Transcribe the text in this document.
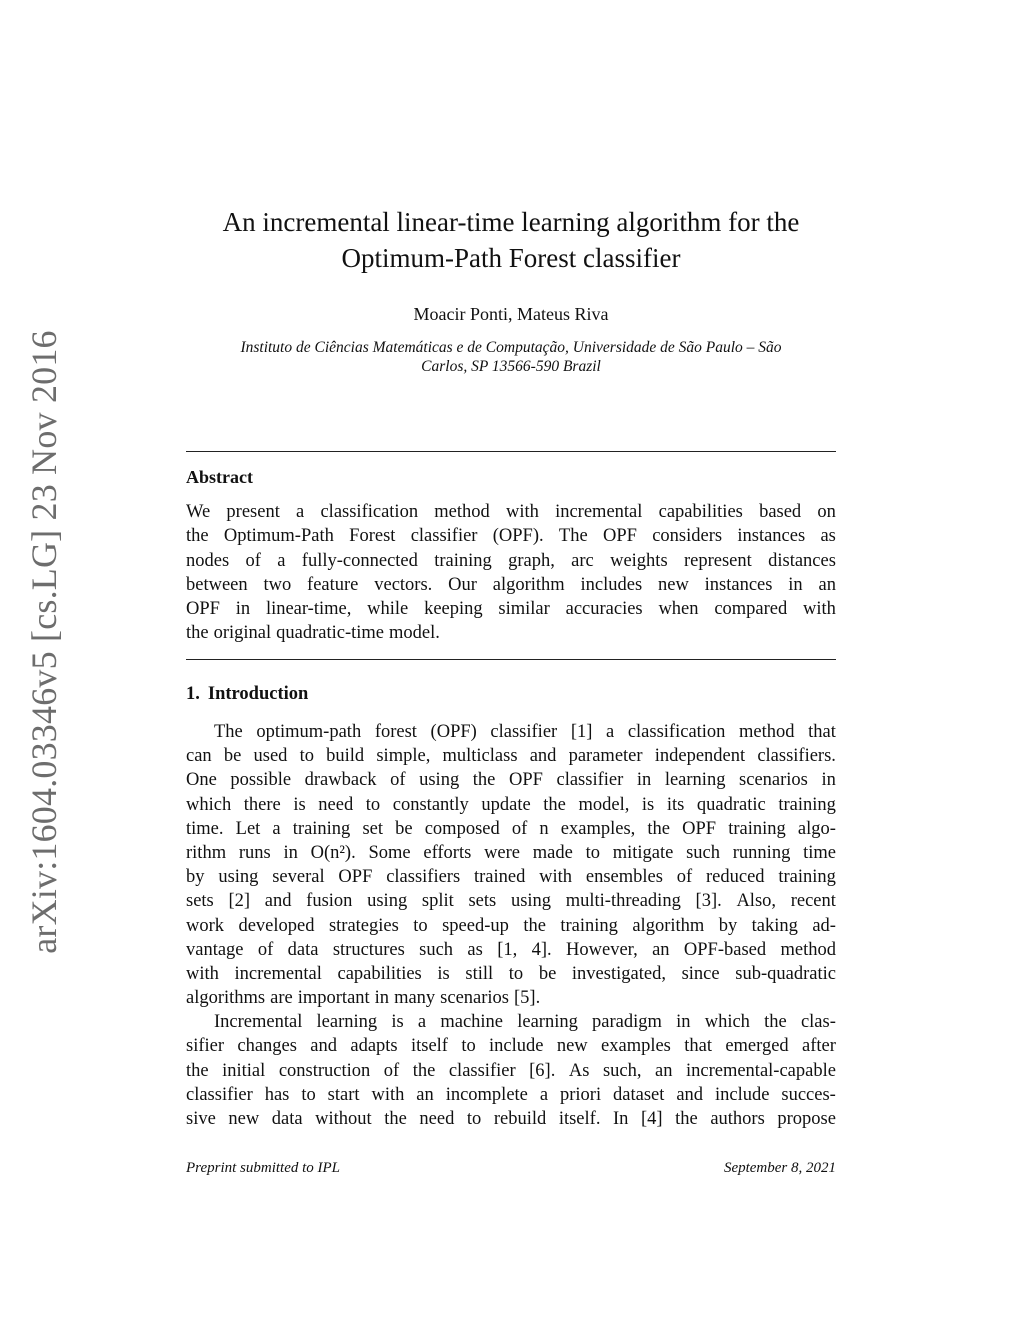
arXiv:1604.03346v5 [cs.LG] 23 Nov 2016
An incremental linear-time learning algorithm for the
Optimum-Path Forest classifier

Moacir Ponti, Mateus Riva

Instituto de Ciências Matemáticas e de Computação, Universidade de São Paulo – São
Carlos, SP 13566-590 Brazil

Abstract
We present a classification method with incremental capabilities based on
the Optimum-Path Forest classifier (OPF). The OPF considers instances as
nodes of a fully-connected training graph, arc weights represent distances
between two feature vectors. Our algorithm includes new instances in an
OPF in linear-time, while keeping similar accuracies when compared with
the original quadratic-time model.
1. Introduction
The optimum-path forest (OPF) classifier [1] a classification method that
can be used to build simple, multiclass and parameter independent classifiers.
One possible drawback of using the OPF classifier in learning scenarios in
which there is need to constantly update the model, is its quadratic training
time. Let a training set be composed of n examples, the OPF training algo-
rithm runs in O(n²). Some efforts were made to mitigate such running time
by using several OPF classifiers trained with ensembles of reduced training
sets [2] and fusion using split sets using multi-threading [3]. Also, recent
work developed strategies to speed-up the training algorithm by taking ad-
vantage of data structures such as [1, 4]. However, an OPF-based method
with incremental capabilities is still to be investigated, since sub-quadratic
algorithms are important in many scenarios [5].
Incremental learning is a machine learning paradigm in which the clas-
sifier changes and adapts itself to include new examples that emerged after
the initial construction of the classifier [6]. As such, an incremental-capable
classifier has to start with an incomplete a priori dataset and include succes-
sive new data without the need to rebuild itself. In [4] the authors propose

Preprint submitted to IPL	September 8, 2021
